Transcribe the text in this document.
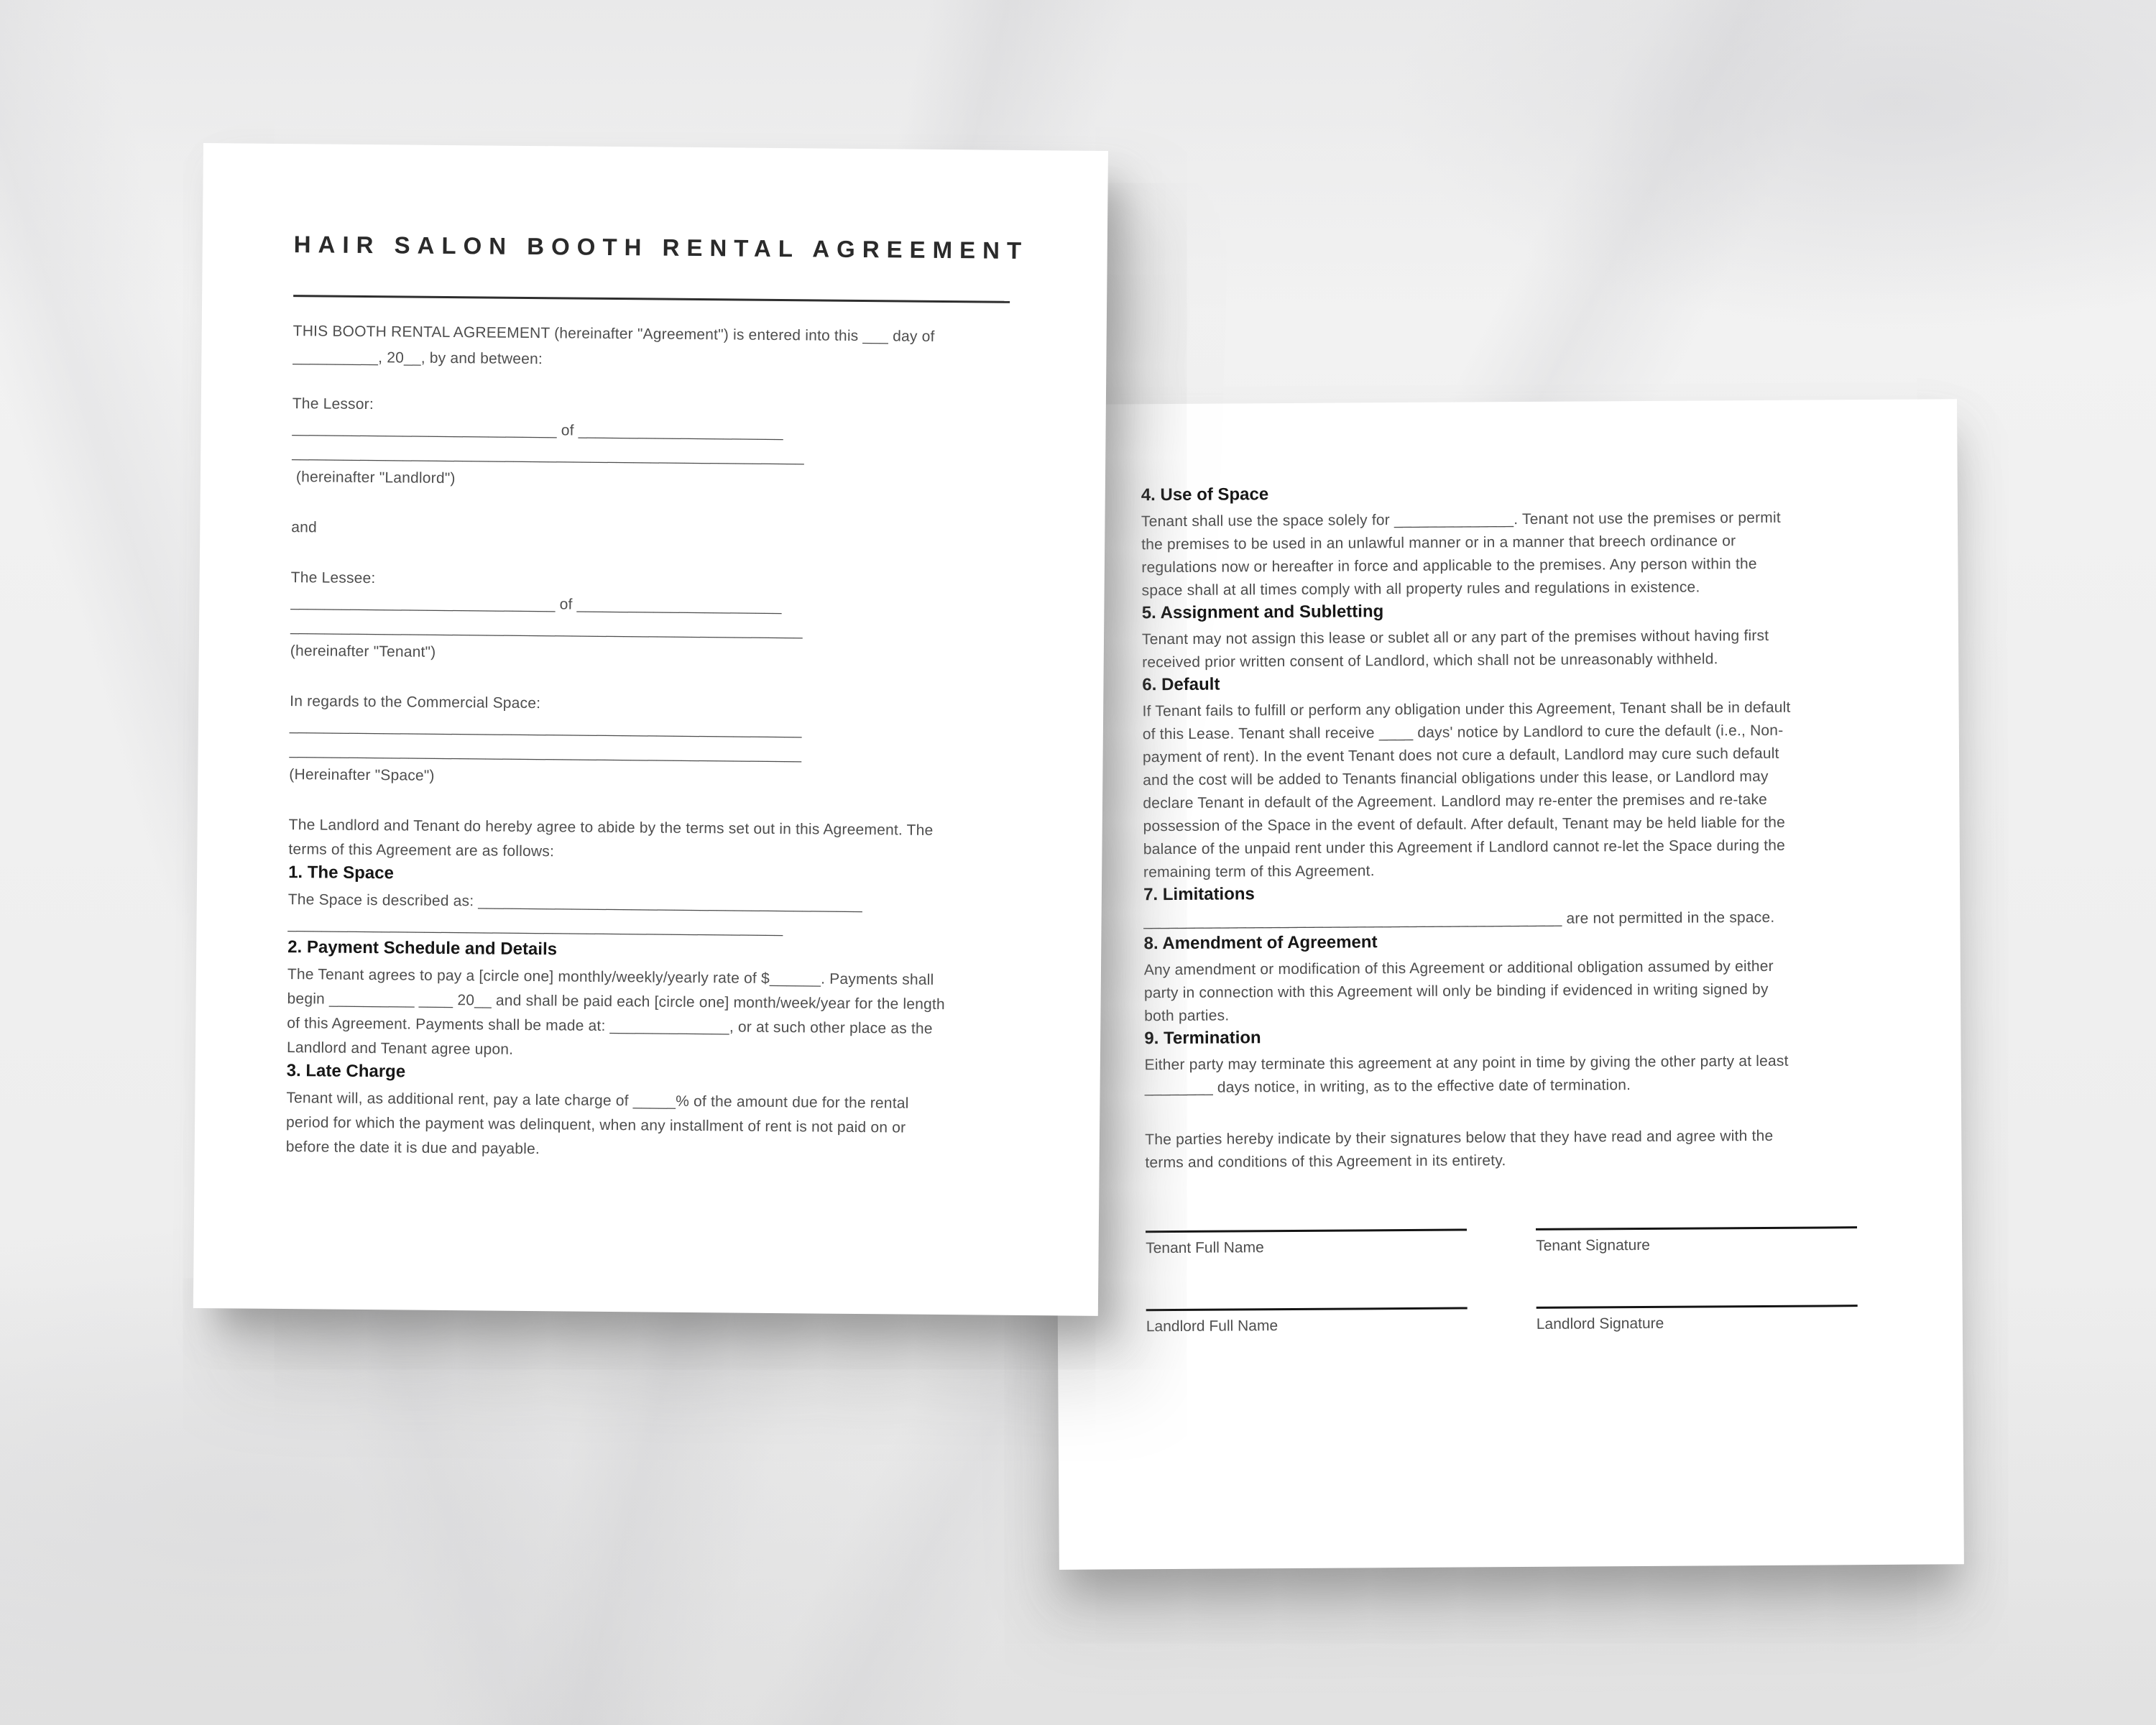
HAIR SALON BOOTH RENTAL AGREEMENT

THIS BOOTH RENTAL AGREEMENT (hereinafter "Agreement") is entered into this ___ day of
__________, 20__, by and between:

The Lessor:
_______________________________ of ________________________
____________________________________________________________
(hereinafter "Landlord")

and

The Lessee:
_______________________________ of ________________________
____________________________________________________________
(hereinafter "Tenant")

In regards to the Commercial Space:
____________________________________________________________
____________________________________________________________
(Hereinafter "Space")

The Landlord and Tenant do hereby agree to abide by the terms set out in this Agreement. The
terms of this Agreement are as follows:

1. The Space

The Space is described as: _____________________________________________
__________________________________________________________

2. Payment Schedule and Details

The Tenant agrees to pay a [circle one] monthly/weekly/yearly rate of $______. Payments shall
begin __________ ____ 20__ and shall be paid each [circle one] month/week/year for the length
of this Agreement. Payments shall be made at: ______________, or at such other place as the
Landlord and Tenant agree upon.

3. Late Charge

Tenant will, as additional rent, pay a late charge of _____% of the amount due for the rental
period for which the payment was delinquent, when any installment of rent is not paid on or
before the date it is due and payable.

4. Use of Space

Tenant shall use the space solely for ______________. Tenant not use the premises or permit
the premises to be used in an unlawful manner or in a manner that breech ordinance or
regulations now or hereafter in force and applicable to the premises. Any person within the
space shall at all times comply with all property rules and regulations in existence.

5. Assignment and Subletting

Tenant may not assign this lease or sublet all or any part of the premises without having first
received prior written consent of Landlord, which shall not be unreasonably withheld.

6. Default

If Tenant fails to fulfill or perform any obligation under this Agreement, Tenant shall be in default
of this Lease. Tenant shall receive ____ days' notice by Landlord to cure the default (i.e., Non-
payment of rent). In the event Tenant does not cure a default, Landlord may cure such default
and the cost will be added to Tenants financial obligations under this lease, or Landlord may
declare Tenant in default of the Agreement. Landlord may re-enter the premises and re-take
possession of the Space in the event of default. After default, Tenant may be held liable for the
balance of the unpaid rent under this Agreement if Landlord cannot re-let the Space during the
remaining term of this Agreement.

7. Limitations

_________________________________________________ are not permitted in the space.

8. Amendment of Agreement

Any amendment or modification of this Agreement or additional obligation assumed by either
party in connection with this Agreement will only be binding if evidenced in writing signed by
both parties.

9. Termination

Either party may terminate this agreement at any point in time by giving the other party at least
________ days notice, in writing, as to the effective date of termination.

The parties hereby indicate by their signatures below that they have read and agree with the
terms and conditions of this Agreement in its entirety.

Tenant Full Name	Tenant Signature

Landlord Full Name	Landlord Signature
